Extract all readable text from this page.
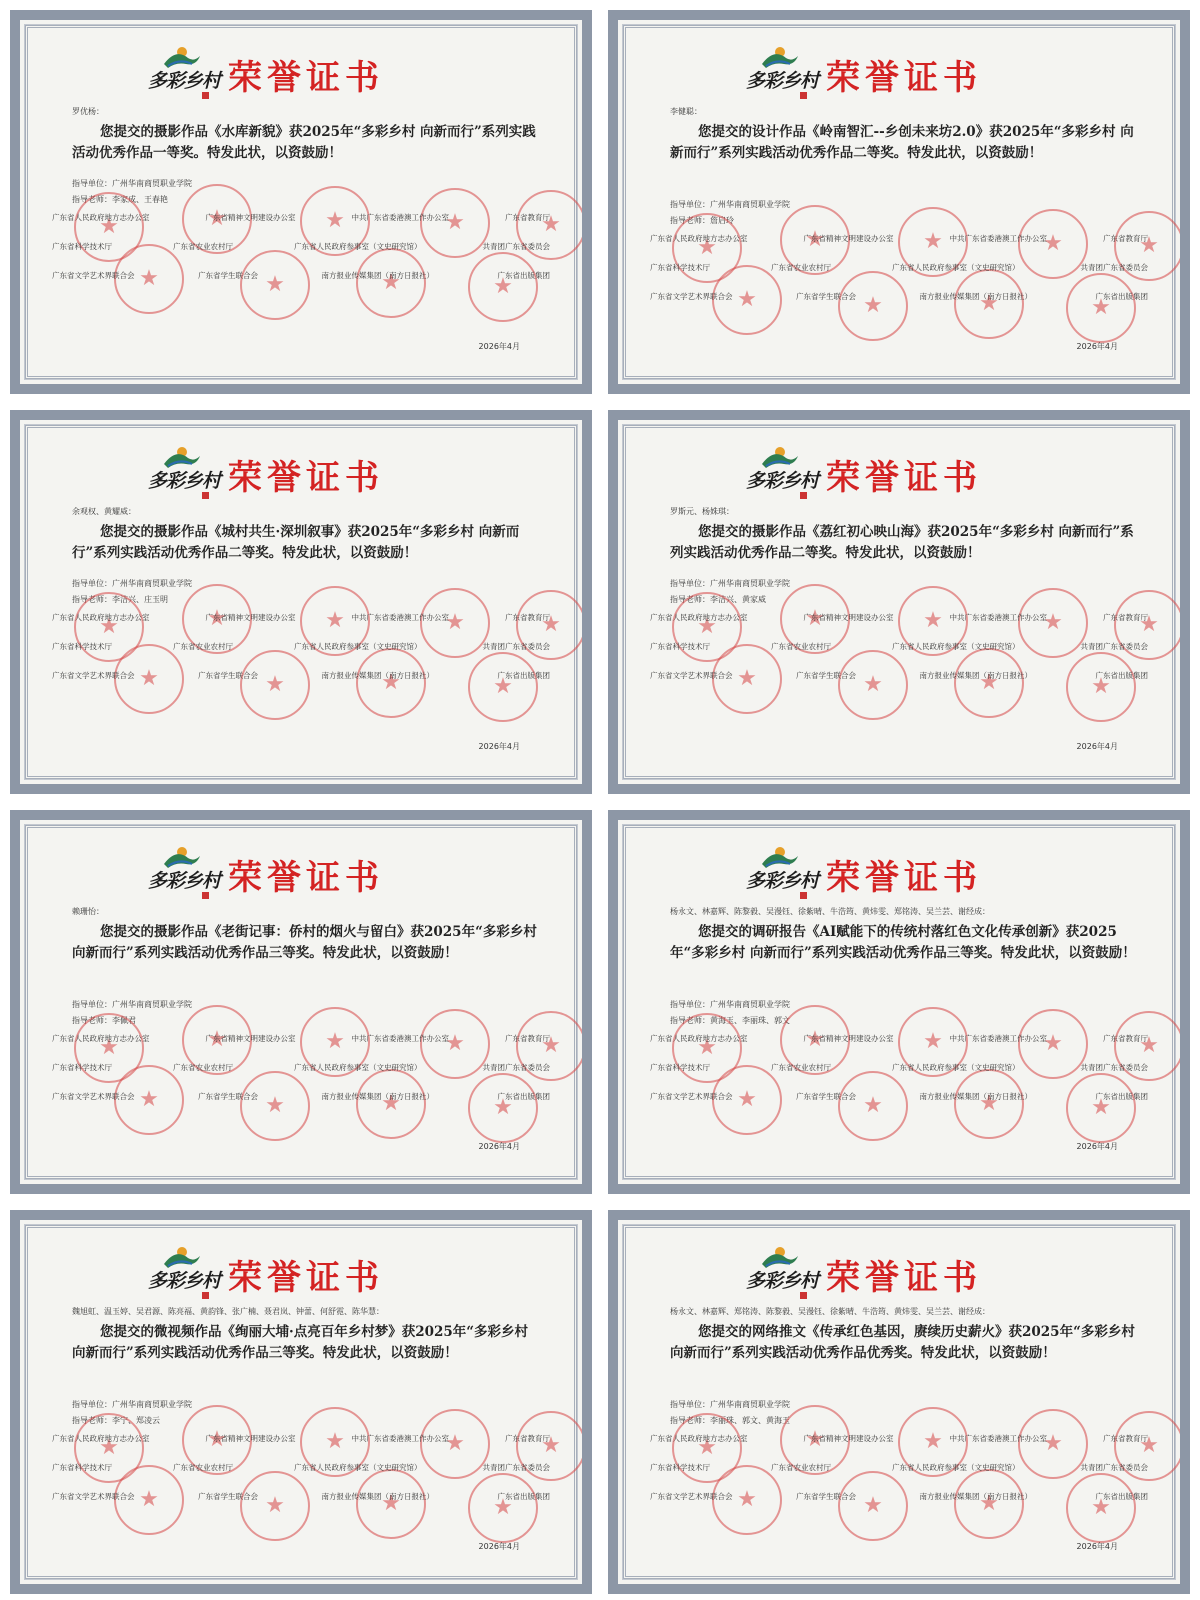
多彩乡村 荣誉证书
罗优杨：
您提交的摄影作品《水库新貌》获2025年“多彩乡村 向新而行”系列实践活动优秀作品一等奖。特发此状，以资鼓励！
指导单位：广州华南商贸职业学院
指导老师：李家成、王春艳
★
★
★
★
★
★
★
★
★
广东省人民政府地方志办公室	广东省精神文明建设办公室	中共广东省委港澳工作办公室	广东省教育厅
广东省科学技术厅	广东省农业农村厅	广东省人民政府参事室（文史研究馆）	共青团广东省委员会
广东省文学艺术界联合会	广东省学生联合会	南方报业传媒集团（南方日报社）	广东省出版集团
2026年4月
多彩乡村 荣誉证书
李健聪：
您提交的设计作品《岭南智汇--乡创未来坊2.0》获2025年“多彩乡村 向新而行”系列实践活动优秀作品二等奖。特发此状，以资鼓励！
指导单位：广州华南商贸职业学院
指导老师：詹启玲
★
★
★
★
★
★
★
★
★
广东省人民政府地方志办公室	广东省精神文明建设办公室	中共广东省委港澳工作办公室	广东省教育厅
广东省科学技术厅	广东省农业农村厅	广东省人民政府参事室（文史研究馆）	共青团广东省委员会
广东省文学艺术界联合会	广东省学生联合会	南方报业传媒集团（南方日报社）	广东省出版集团
2026年4月
多彩乡村 荣誉证书
余观权、黄耀威：
您提交的摄影作品《城村共生·深圳叙事》获2025年“多彩乡村 向新而行”系列实践活动优秀作品二等奖。特发此状，以资鼓励！
指导单位：广州华南商贸职业学院
指导老师：李洁兴、庄玉明
★
★
★
★
★
★
★
★
★
广东省人民政府地方志办公室	广东省精神文明建设办公室	中共广东省委港澳工作办公室	广东省教育厅
广东省科学技术厅	广东省农业农村厅	广东省人民政府参事室（文史研究馆）	共青团广东省委员会
广东省文学艺术界联合会	广东省学生联合会	南方报业传媒集团（南方日报社）	广东省出版集团
2026年4月
多彩乡村 荣誉证书
罗斯元、杨姝琪：
您提交的摄影作品《荔红初心映山海》获2025年“多彩乡村 向新而行”系列实践活动优秀作品二等奖。特发此状，以资鼓励！
指导单位：广州华南商贸职业学院
指导老师：李洁兴、黄家威
★
★
★
★
★
★
★
★
★
广东省人民政府地方志办公室	广东省精神文明建设办公室	中共广东省委港澳工作办公室	广东省教育厅
广东省科学技术厅	广东省农业农村厅	广东省人民政府参事室（文史研究馆）	共青团广东省委员会
广东省文学艺术界联合会	广东省学生联合会	南方报业传媒集团（南方日报社）	广东省出版集团
2026年4月
多彩乡村 荣誉证书
赖珊怡：
您提交的摄影作品《老街记事：侨村的烟火与留白》获2025年“多彩乡村 向新而行”系列实践活动优秀作品三等奖。特发此状，以资鼓励！
指导单位：广州华南商贸职业学院
指导老师：李佩君
★
★
★
★
★
★
★
★
★
广东省人民政府地方志办公室	广东省精神文明建设办公室	中共广东省委港澳工作办公室	广东省教育厅
广东省科学技术厅	广东省农业农村厅	广东省人民政府参事室（文史研究馆）	共青团广东省委员会
广东省文学艺术界联合会	广东省学生联合会	南方报业传媒集团（南方日报社）	广东省出版集团
2026年4月
多彩乡村 荣誉证书
杨永文、林嘉辉、陈黎毅、吴漫钰、徐紫晴、牛浩筠、黄炜雯、郑铭涛、吴兰芸、谢经成：
您提交的调研报告《AI赋能下的传统村落红色文化传承创新》获2025年“多彩乡村 向新而行”系列实践活动优秀作品三等奖。特发此状，以资鼓励！
指导单位：广州华南商贸职业学院
指导老师：黄海玉、李丽珠、郭文
★
★
★
★
★
★
★
★
★
广东省人民政府地方志办公室	广东省精神文明建设办公室	中共广东省委港澳工作办公室	广东省教育厅
广东省科学技术厅	广东省农业农村厅	广东省人民政府参事室（文史研究馆）	共青团广东省委员会
广东省文学艺术界联合会	广东省学生联合会	南方报业传媒集团（南方日报社）	广东省出版集团
2026年4月
多彩乡村 荣誉证书
魏旭虹、温玉婷、吴君源、陈亮福、黄韵锋、张广楠、聂君岚、钟蕾、何舒霓、陈华慧：
您提交的微视频作品《绚丽大埔·点亮百年乡村梦》获2025年“多彩乡村 向新而行”系列实践活动优秀作品三等奖。特发此状，以资鼓励！
指导单位：广州华南商贸职业学院
指导老师：李宁、郑凌云
★
★
★
★
★
★
★
★
★
广东省人民政府地方志办公室	广东省精神文明建设办公室	中共广东省委港澳工作办公室	广东省教育厅
广东省科学技术厅	广东省农业农村厅	广东省人民政府参事室（文史研究馆）	共青团广东省委员会
广东省文学艺术界联合会	广东省学生联合会	南方报业传媒集团（南方日报社）	广东省出版集团
2026年4月
多彩乡村 荣誉证书
杨永文、林嘉辉、郑铭涛、陈黎毅、吴漫钰、徐紫晴、牛浩筠、黄炜雯、吴兰芸、谢经成：
您提交的网络推文《传承红色基因，赓续历史薪火》获2025年“多彩乡村 向新而行”系列实践活动优秀作品优秀奖。特发此状，以资鼓励！
指导单位：广州华南商贸职业学院
指导老师：李丽珠、郭文、黄海玉
★
★
★
★
★
★
★
★
★
广东省人民政府地方志办公室	广东省精神文明建设办公室	中共广东省委港澳工作办公室	广东省教育厅
广东省科学技术厅	广东省农业农村厅	广东省人民政府参事室（文史研究馆）	共青团广东省委员会
广东省文学艺术界联合会	广东省学生联合会	南方报业传媒集团（南方日报社）	广东省出版集团
2026年4月
